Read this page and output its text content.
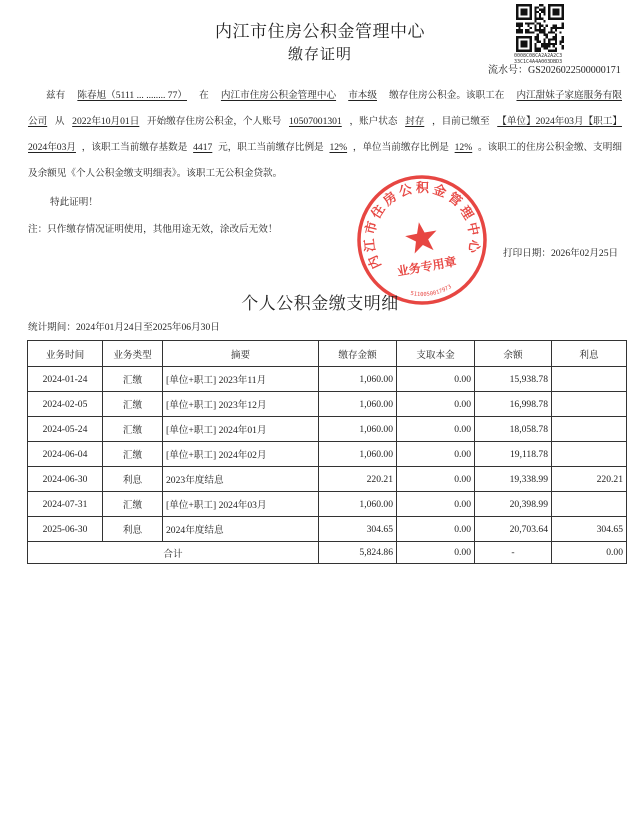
内江市住房公积金管理中心
缴存证明	0008C08CA2A2A2C3
33C1C4A4A003DBD3
流水号：GS2026022500000171
兹有 陈春旭（5111 ... ........ 77） 在 内江市住房公积金管理中心 市本级 缴存住房公积金。该职工在 内江甜妹子家庭服务有限
公司 从 2022年10月01日 开始缴存住房公积金，个人账号 10507001301 ，账户状态 封存 ，目前已缴至 【单位】2024年03月【职工】
2024年03月 ，该职工当前缴存基数是 4417 元，职工当前缴存比例是 12% ，单位当前缴存比例是 12% 。该职工的住房公积金缴、支明细
及余额见《个人公积金缴支明细表》。该职工无公积金贷款。
特此证明！
注：只作缴存情况证明使用，其他用途无效，涂改后无效！
打印日期：2026年02月25日
内江市住房公积金管理中心
业务专用章
5110050017973
个人公积金缴支明细
统计期间：2024年01月24日至2025年06月30日
业务时间	业务类型	摘要	缴存金额	支取本金	余额	利息
2024-01-24	汇缴	[单位+职工] 2023年11月	1,060.00	0.00	15,938.78	
2024-02-05	汇缴	[单位+职工] 2023年12月	1,060.00	0.00	16,998.78	
2024-05-24	汇缴	[单位+职工] 2024年01月	1,060.00	0.00	18,058.78	
2024-06-04	汇缴	[单位+职工] 2024年02月	1,060.00	0.00	19,118.78	
2024-06-30	利息	2023年度结息	220.21	0.00	19,338.99	220.21
2024-07-31	汇缴	[单位+职工] 2024年03月	1,060.00	0.00	20,398.99	
2025-06-30	利息	2024年度结息	304.65	0.00	20,703.64	304.65
合计			5,824.86	0.00	-	0.00
